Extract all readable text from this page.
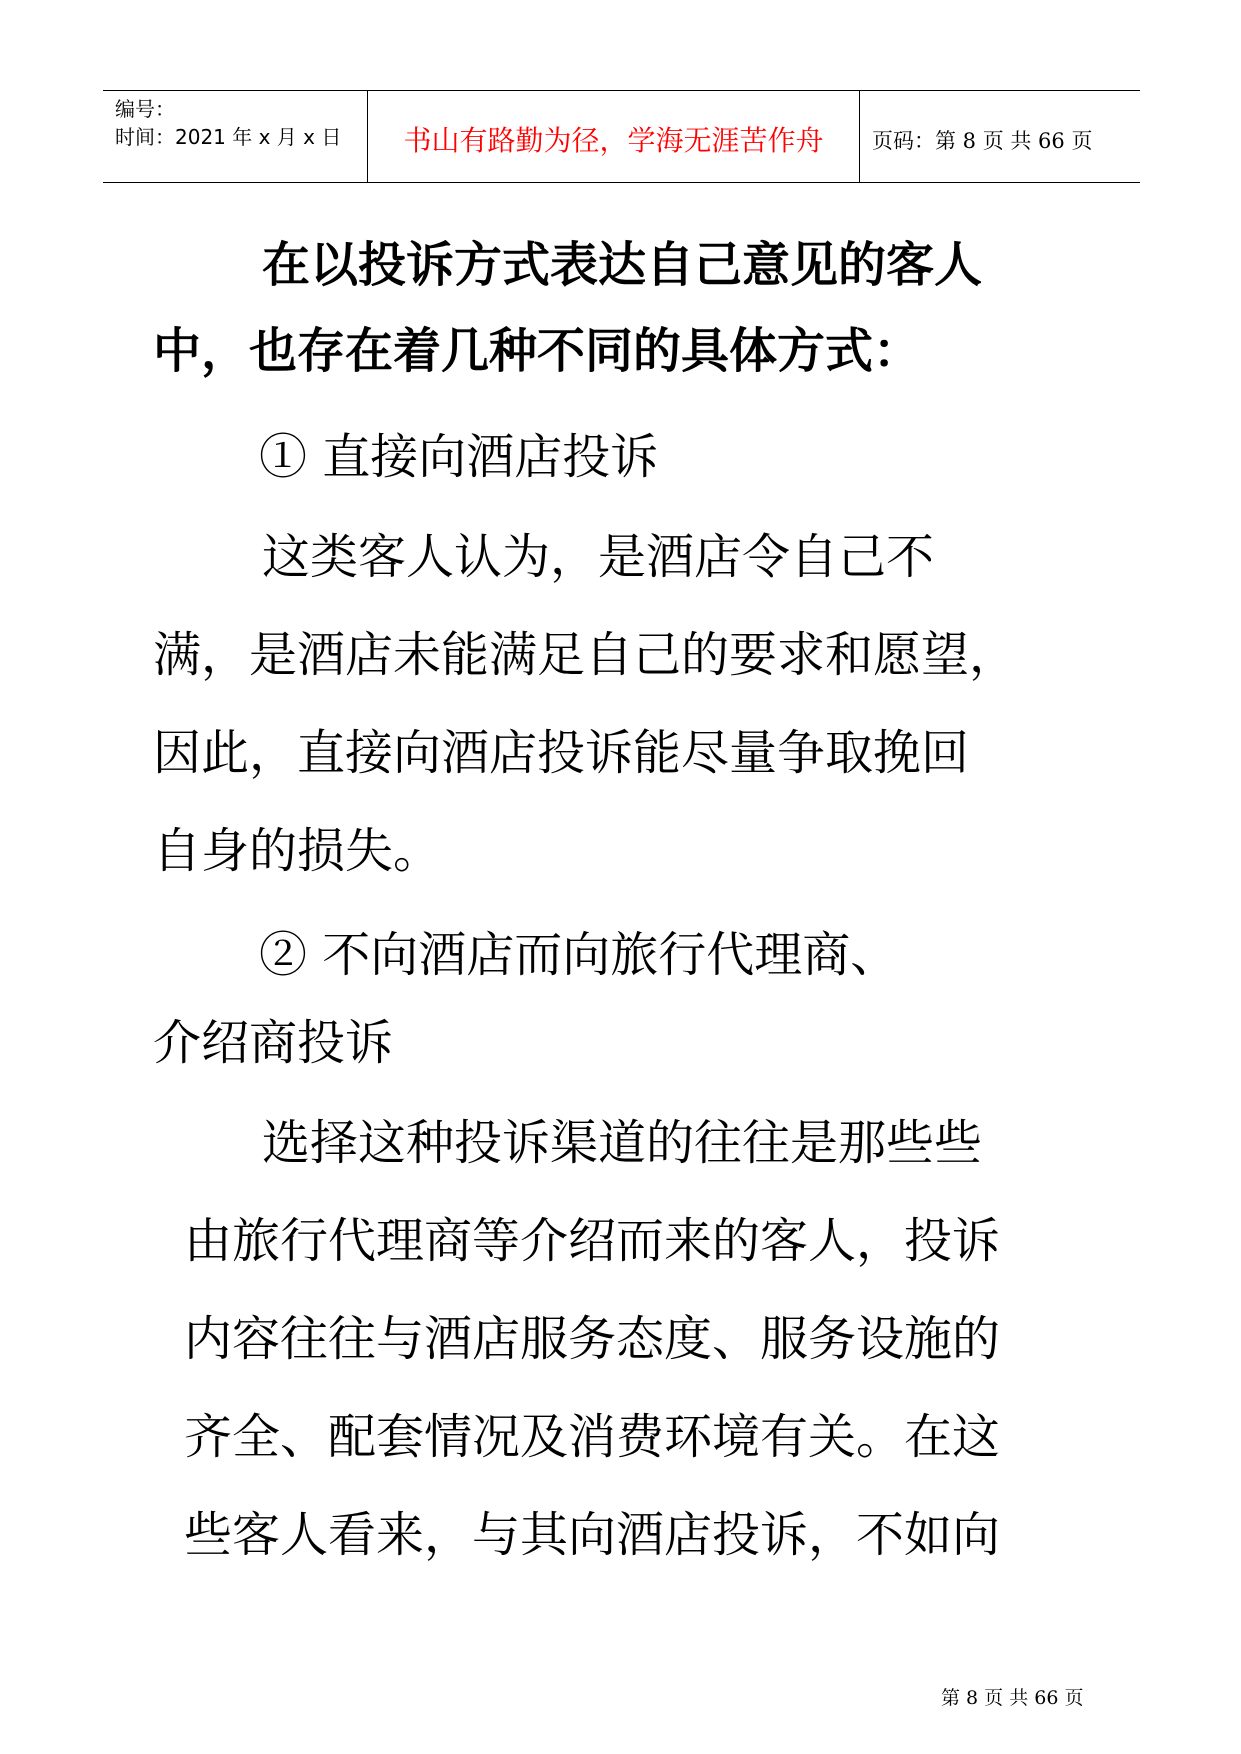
编号：
时间：2021 年 x 月 x 日	书山有路勤为径，学海无涯苦作舟	页码：第 8 页 共 66 页
在以投诉方式表达自己意见的客人
中，也存在着几种不同的具体方式：
① 直接向酒店投诉
这类客人认为，是酒店令自己不
满，是酒店未能满足自己的要求和愿望，
因此，直接向酒店投诉能尽量争取挽回
自身的损失。
② 不向酒店而向旅行代理商、
介绍商投诉
选择这种投诉渠道的往往是那些些
由旅行代理商等介绍而来的客人，投诉
内容往往与酒店服务态度、服务设施的
齐全、配套情况及消费环境有关。在这
些客人看来，与其向酒店投诉，不如向
第 8 页 共 66 页
